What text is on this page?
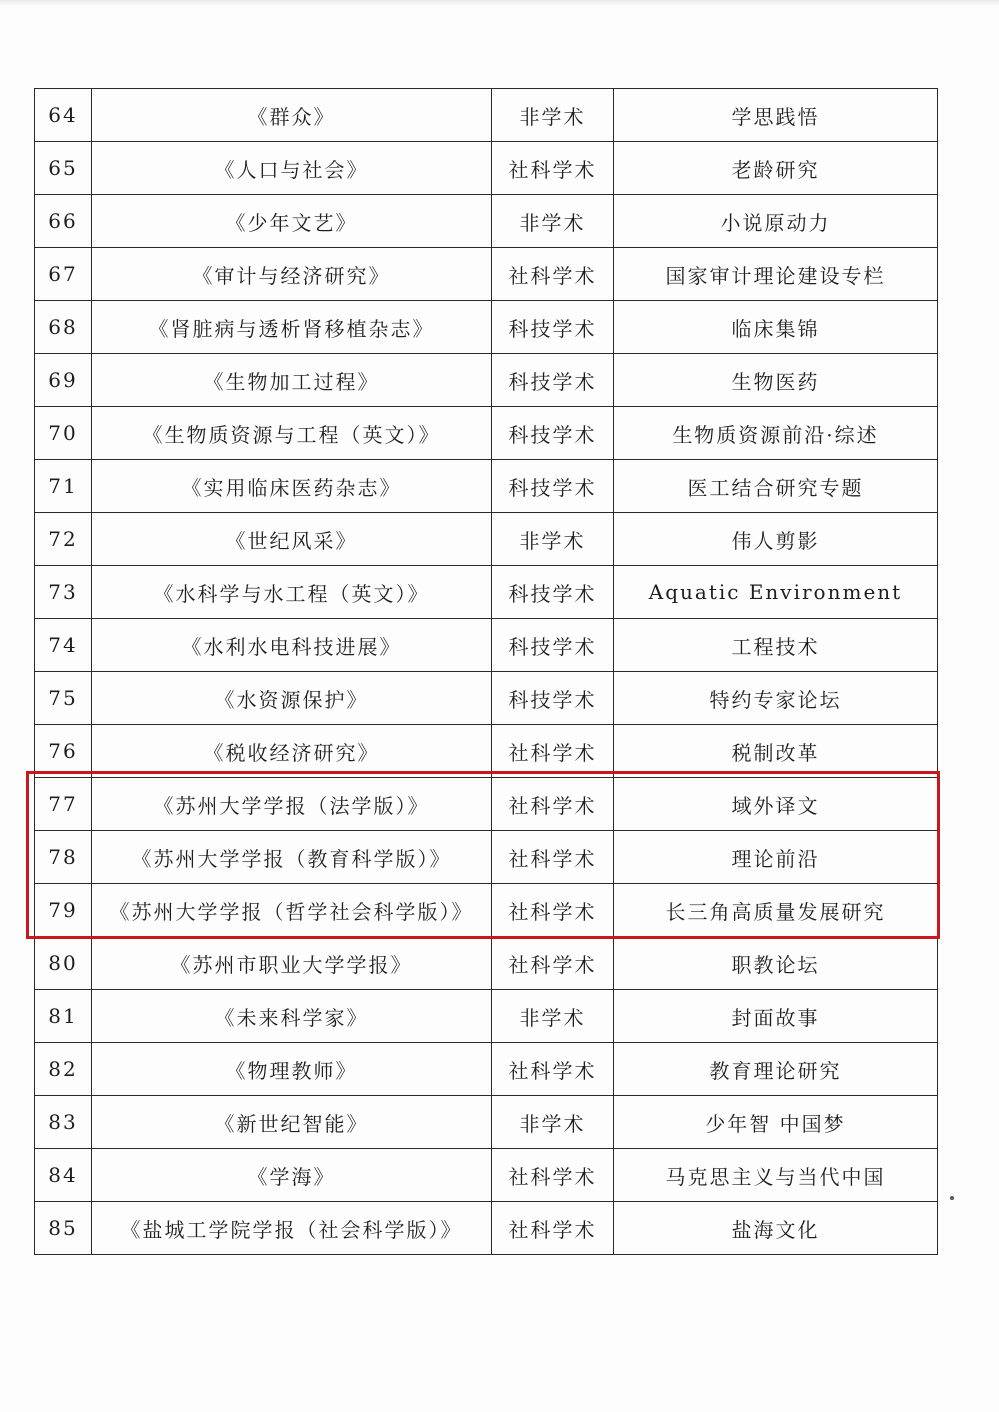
64	《群众》	非学术	学思践悟
65	《人口与社会》	社科学术	老龄研究
66	《少年文艺》	非学术	小说原动力
67	《审计与经济研究》	社科学术	国家审计理论建设专栏
68	《肾脏病与透析肾移植杂志》	科技学术	临床集锦
69	《生物加工过程》	科技学术	生物医药
70	《生物质资源与工程（英文）》	科技学术	生物质资源前沿·综述
71	《实用临床医药杂志》	科技学术	医工结合研究专题
72	《世纪风采》	非学术	伟人剪影
73	《水科学与水工程（英文）》	科技学术	Aquatic Environment
74	《水利水电科技进展》	科技学术	工程技术
75	《水资源保护》	科技学术	特约专家论坛
76	《税收经济研究》	社科学术	税制改革
77	《苏州大学学报（法学版）》	社科学术	域外译文
78	《苏州大学学报（教育科学版）》	社科学术	理论前沿
79	《苏州大学学报（哲学社会科学版）》	社科学术	长三角高质量发展研究
80	《苏州市职业大学学报》	社科学术	职教论坛
81	《未来科学家》	非学术	封面故事
82	《物理教师》	社科学术	教育理论研究
83	《新世纪智能》	非学术	少年智 中国梦
84	《学海》	社科学术	马克思主义与当代中国
85	《盐城工学院学报（社会科学版）》	社科学术	盐海文化
